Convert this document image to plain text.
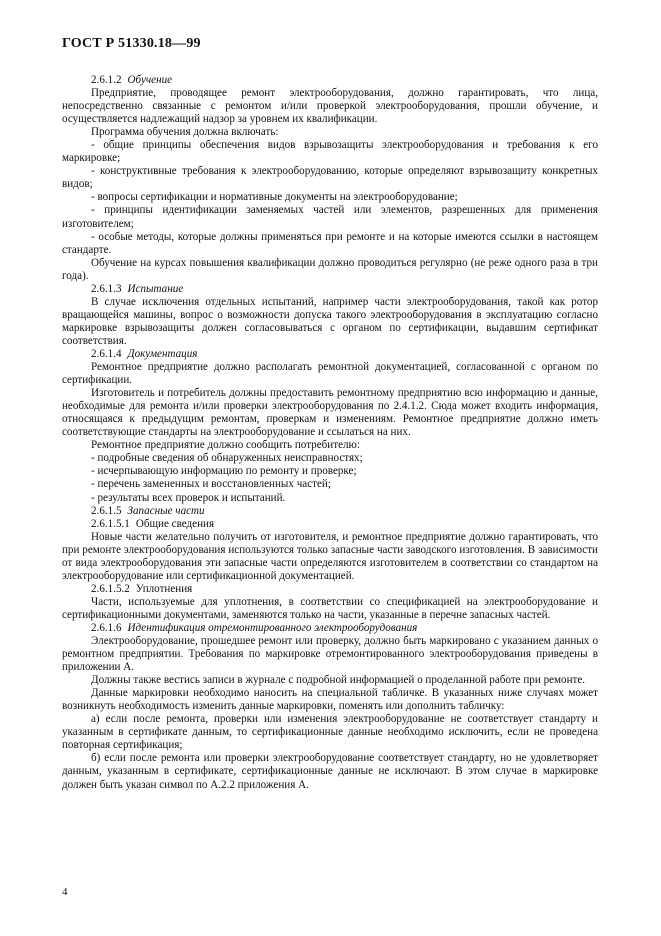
ГОСТ Р 51330.18—99

2.6.1.2 Обучение

Предприятие, проводящее ремонт электрооборудования, должно гарантировать, что лица, непосредственно связанные с ремонтом и/или проверкой электрооборудования, прошли обучение, и осуществляется надлежащий надзор за уровнем их квалификации.

Программа обучения должна включать:

- общие принципы обеспечения видов взрывозащиты электрооборудования и требования к его маркировке;

- конструктивные требования к электрооборудованию, которые определяют взрывозащиту конкретных видов;

- вопросы сертификации и нормативные документы на электрооборудование;

- принципы идентификации заменяемых частей или элементов, разрешенных для применения изготовителем;

- особые методы, которые должны применяться при ремонте и на которые имеются ссылки в настоящем стандарте.

Обучение на курсах повышения квалификации должно проводиться регулярно (не реже одного раза в три года).

2.6.1.3 Испытание

В случае исключения отдельных испытаний, например части электрооборудования, такой как ротор вращающейся машины, вопрос о возможности допуска такого электрооборудования в эксплуатацию согласно маркировке взрывозащиты должен согласовываться с органом по сертификации, выдавшим сертификат соответствия.

2.6.1.4 Документация

Ремонтное предприятие должно располагать ремонтной документацией, согласованной с органом по сертификации.

Изготовитель и потребитель должны предоставить ремонтному предприятию всю информацию и данные, необходимые для ремонта и/или проверки электрооборудования по 2.4.1.2. Сюда может входить информация, относящаяся к предыдущим ремонтам, проверкам и изменениям. Ремонтное предприятие должно иметь соответствующие стандарты на электрооборудование и ссылаться на них.

Ремонтное предприятие должно сообщить потребителю:

- подробные сведения об обнаруженных неисправностях;

- исчерпывающую информацию по ремонту и проверке;

- перечень замененных и восстановленных частей;

- результаты всех проверок и испытаний.

2.6.1.5 Запасные части

2.6.1.5.1 Общие сведения

Новые части желательно получить от изготовителя, и ремонтное предприятие должно гарантировать, что при ремонте электрооборудования используются только запасные части заводского изготовления. В зависимости от вида электрооборудования эти запасные части определяются изготовителем в соответствии со стандартом на электрооборудование или сертификационной документацией.

2.6.1.5.2 Уплотнения

Части, используемые для уплотнения, в соответствии со спецификацией на электрооборудование и сертификационными документами, заменяются только на части, указанные в перечне запасных частей.

2.6.1.6 Идентификация отремонтированного электрооборудования

Электрооборудование, прошедшее ремонт или проверку, должно быть маркировано с указанием данных о ремонтном предприятии. Требования по маркировке отремонтированного электрооборудования приведены в приложении А.

Должны также вестись записи в журнале с подробной информацией о проделанной работе при ремонте.

Данные маркировки необходимо наносить на специальной табличке. В указанных ниже случаях может возникнуть необходимость изменить данные маркировки, поменять или дополнить табличку:

а) если после ремонта, проверки или изменения электрооборудование не соответствует стандарту и указанным в сертификате данным, то сертификационные данные необходимо исключить, если не проведена повторная сертификация;

б) если после ремонта или проверки электрооборудование соответствует стандарту, но не удовлетворяет данным, указанным в сертификате, сертификационные данные не исключают. В этом случае в маркировке должен быть указан символ по А.2.2 приложения А.

4
